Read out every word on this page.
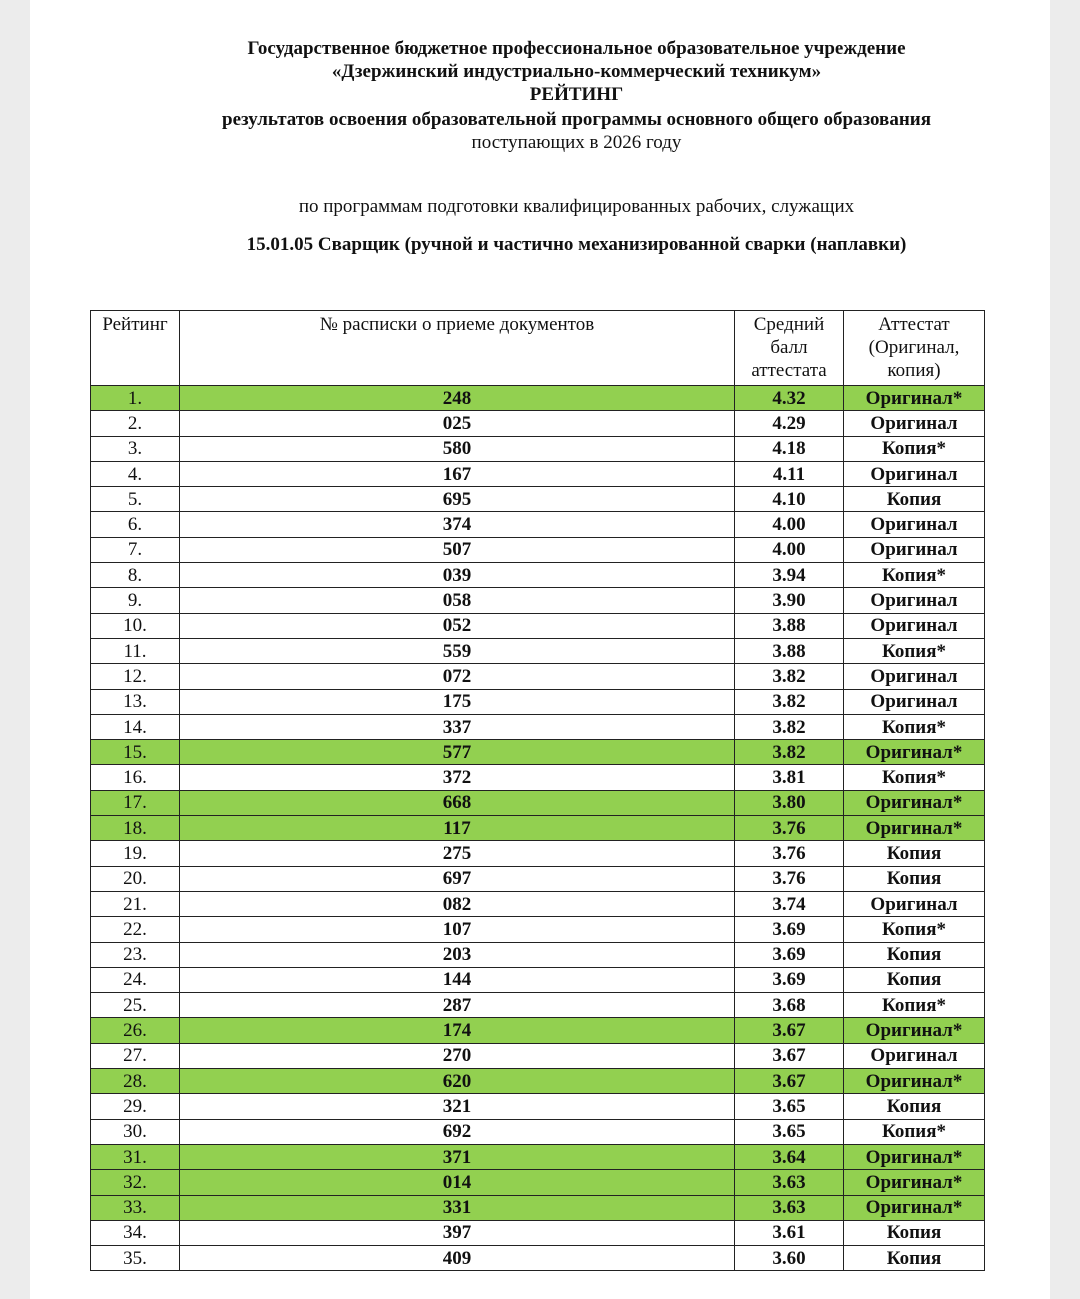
Государственное бюджетное профессиональное образовательное учреждение
«Дзержинский индустриально-коммерческий техникум»
РЕЙТИНГ
результатов освоения образовательной программы основного общего образования
поступающих в 2026 году
по программам подготовки квалифицированных рабочих, служащих
15.01.05 Сварщик (ручной и частично механизированной сварки (наплавки)
Рейтинг	№ расписки о приеме документов	Средний балл аттестата	Аттестат (Оригинал, копия)
1.	248	4.32	Оригинал*
2.	025	4.29	Оригинал
3.	580	4.18	Копия*
4.	167	4.11	Оригинал
5.	695	4.10	Копия
6.	374	4.00	Оригинал
7.	507	4.00	Оригинал
8.	039	3.94	Копия*
9.	058	3.90	Оригинал
10.	052	3.88	Оригинал
11.	559	3.88	Копия*
12.	072	3.82	Оригинал
13.	175	3.82	Оригинал
14.	337	3.82	Копия*
15.	577	3.82	Оригинал*
16.	372	3.81	Копия*
17.	668	3.80	Оригинал*
18.	117	3.76	Оригинал*
19.	275	3.76	Копия
20.	697	3.76	Копия
21.	082	3.74	Оригинал
22.	107	3.69	Копия*
23.	203	3.69	Копия
24.	144	3.69	Копия
25.	287	3.68	Копия*
26.	174	3.67	Оригинал*
27.	270	3.67	Оригинал
28.	620	3.67	Оригинал*
29.	321	3.65	Копия
30.	692	3.65	Копия*
31.	371	3.64	Оригинал*
32.	014	3.63	Оригинал*
33.	331	3.63	Оригинал*
34.	397	3.61	Копия
35.	409	3.60	Копия
